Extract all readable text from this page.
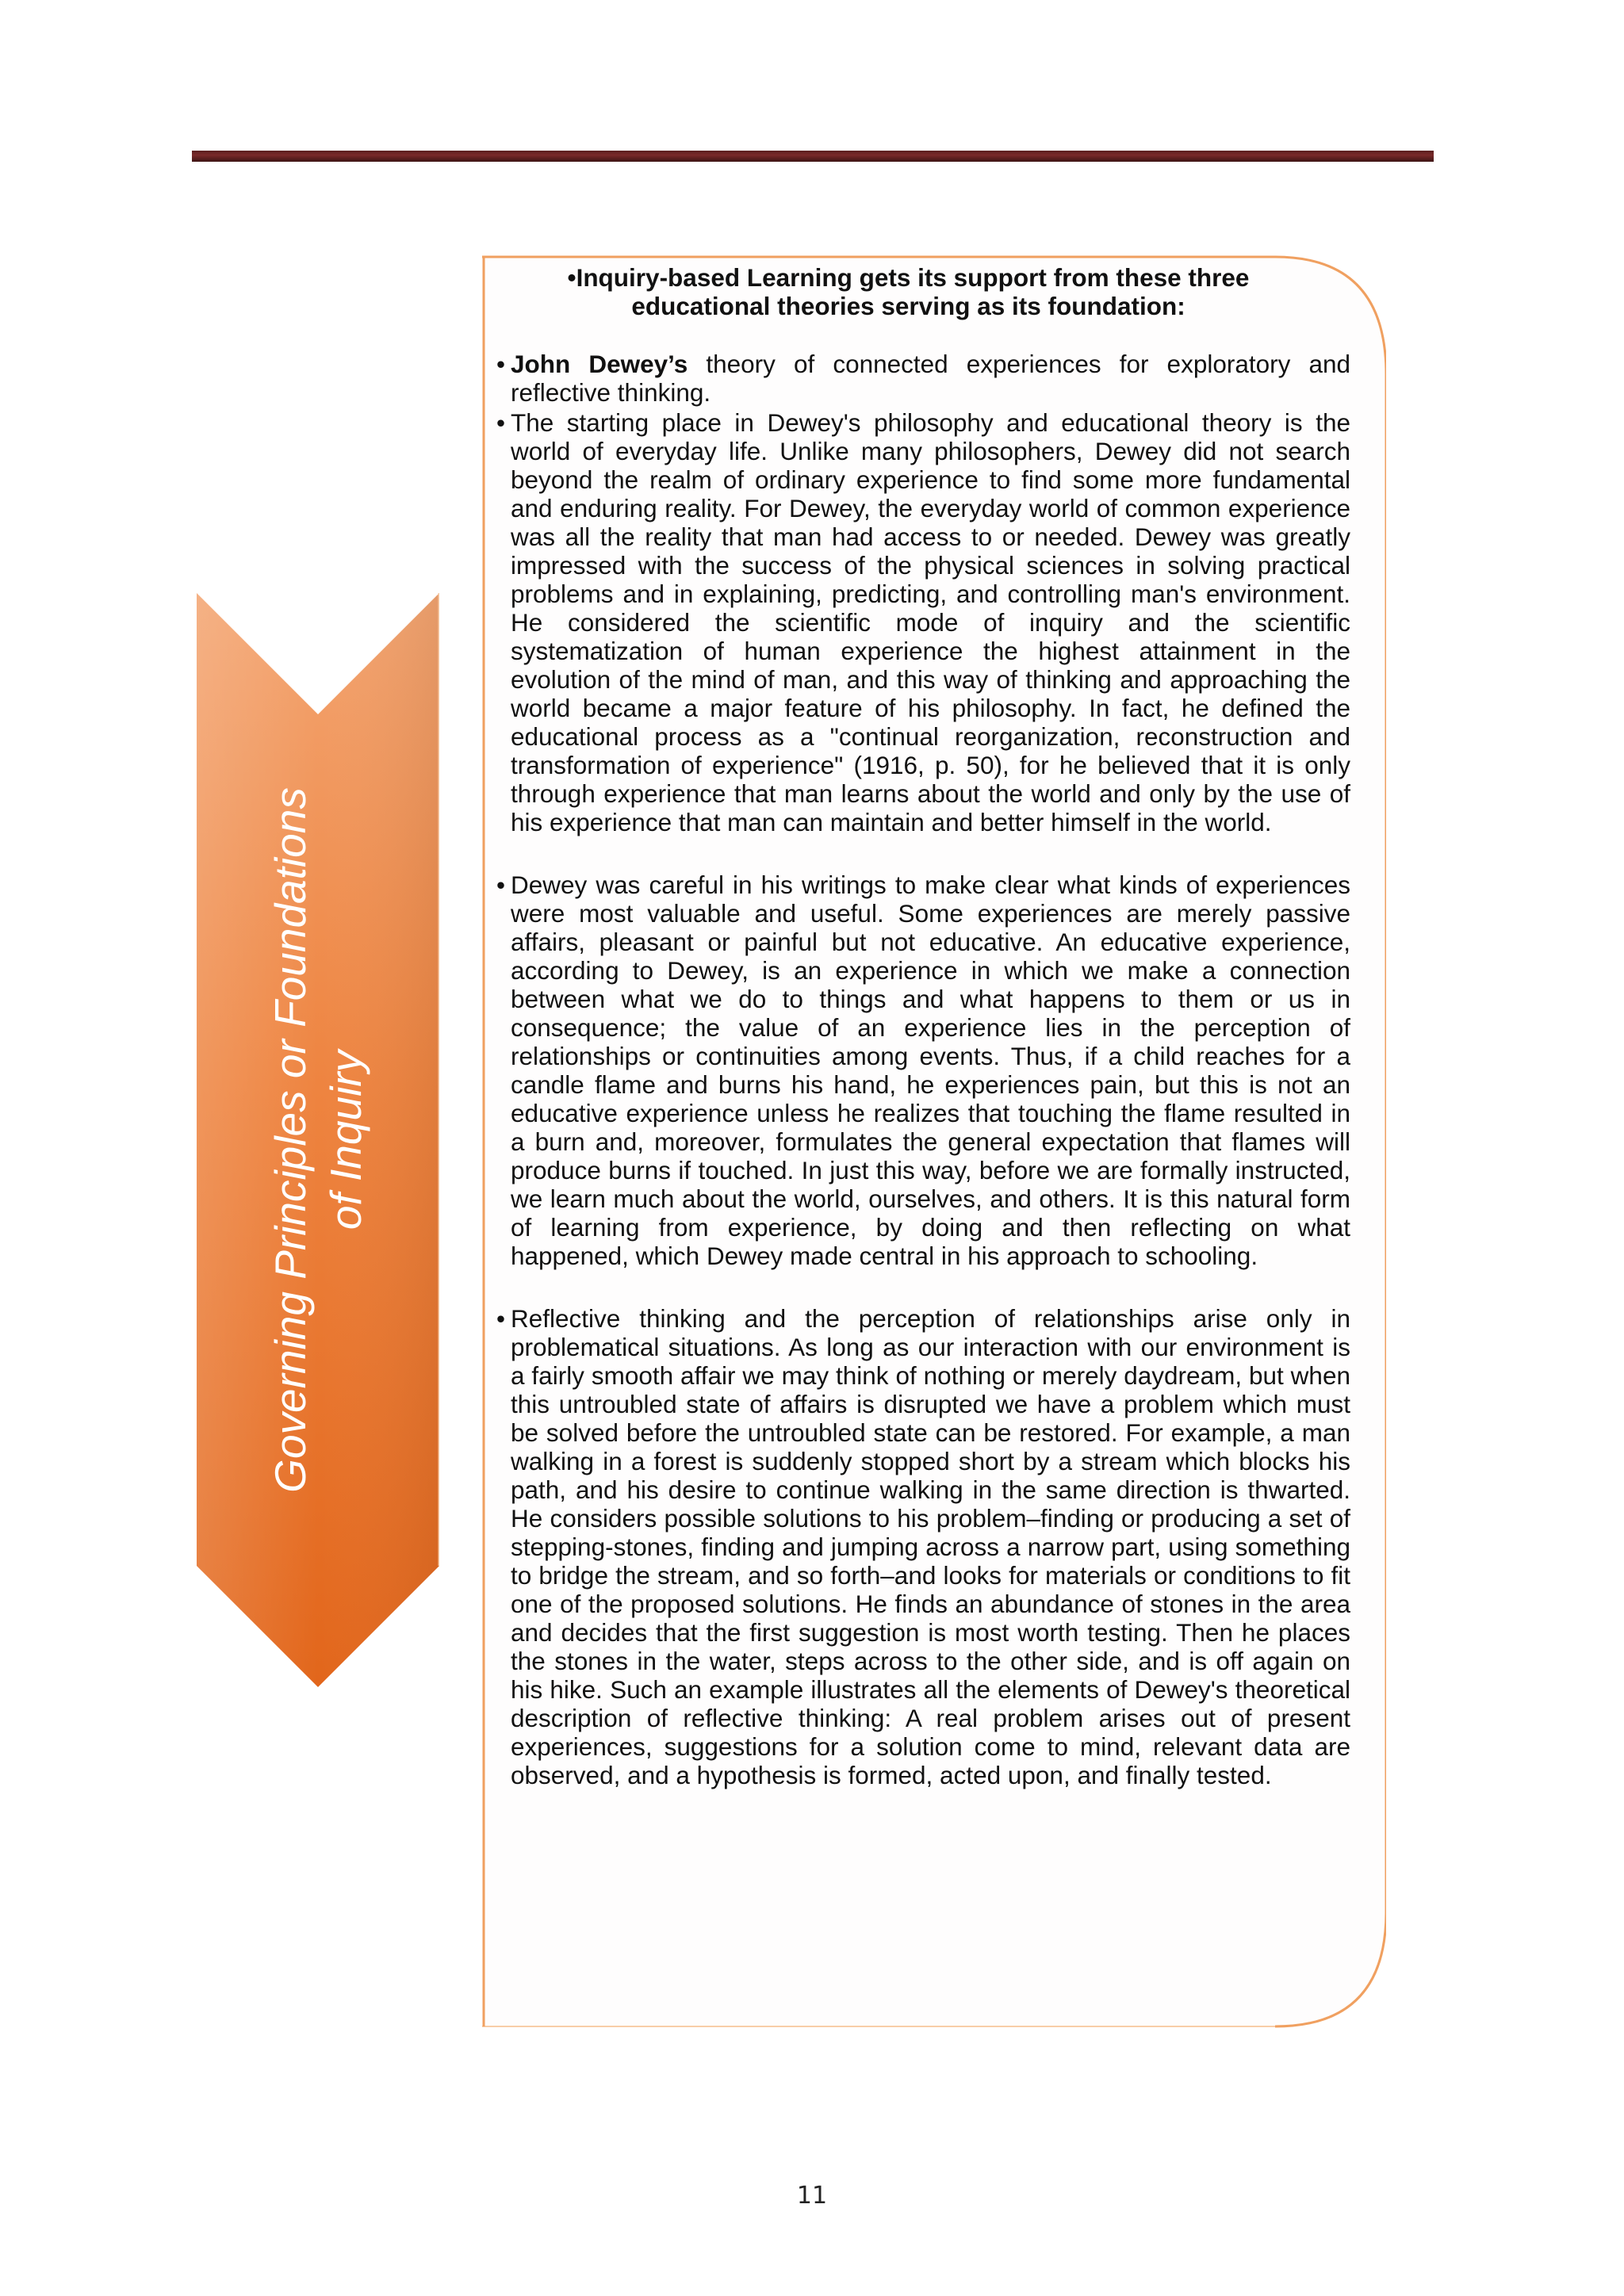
Governing Principles or Foundations of Inquiry
•Inquiry-based Learning gets its support from these three
educational theories serving as its foundation:
• John Dewey’s theory of connected experiences for exploratory and reflective thinking.
• The starting place in Dewey's philosophy and educational theory is the world of everyday life. Unlike many philosophers, Dewey did not search beyond the realm of ordinary experience to find some more fundamental and enduring reality. For Dewey, the everyday world of common experience was all the reality that man had access to or needed. Dewey was greatly impressed with the success of the physical sciences in solving practical problems and in explaining, predicting, and controlling man's environment. He considered the scientific mode of inquiry and the scientific systematization of human experience the highest attainment in the evolution of the mind of man, and this way of thinking and approaching the world became a major feature of his philosophy. In fact, he defined the educational process as a "continual reorganization, reconstruction and transformation of experience" (1916, p. 50), for he believed that it is only through experience that man learns about the world and only by the use of his experience that man can maintain and better himself in the world.
• Dewey was careful in his writings to make clear what kinds of experiences were most valuable and useful. Some experiences are merely passive affairs, pleasant or painful but not educative. An educative experience, according to Dewey, is an experience in which we make a connection between what we do to things and what happens to them or us in consequence; the value of an experience lies in the perception of relationships or continuities among events. Thus, if a child reaches for a candle flame and burns his hand, he experiences pain, but this is not an educative experience unless he realizes that touching the flame resulted in a burn and, moreover, formulates the general expectation that flames will produce burns if touched. In just this way, before we are formally instructed, we learn much about the world, ourselves, and others. It is this natural form of learning from experience, by doing and then reflecting on what happened, which Dewey made central in his approach to schooling.
• Reflective thinking and the perception of relationships arise only in problematical situations. As long as our interaction with our environment is a fairly smooth affair we may think of nothing or merely daydream, but when this untroubled state of affairs is disrupted we have a problem which must be solved before the untroubled state can be restored. For example, a man walking in a forest is suddenly stopped short by a stream which blocks his path, and his desire to continue walking in the same direction is thwarted. He considers possible solutions to his problem–finding or producing a set of stepping-stones, finding and jumping across a narrow part, using something to bridge the stream, and so forth–and looks for materials or conditions to fit one of the proposed solutions. He finds an abundance of stones in the area and decides that the first suggestion is most worth testing. Then he places the stones in the water, steps across to the other side, and is off again on his hike. Such an example illustrates all the elements of Dewey's theoretical description of reflective thinking: A real problem arises out of present experiences, suggestions for a solution come to mind, relevant data are observed, and a hypothesis is formed, acted upon, and finally tested.
11
